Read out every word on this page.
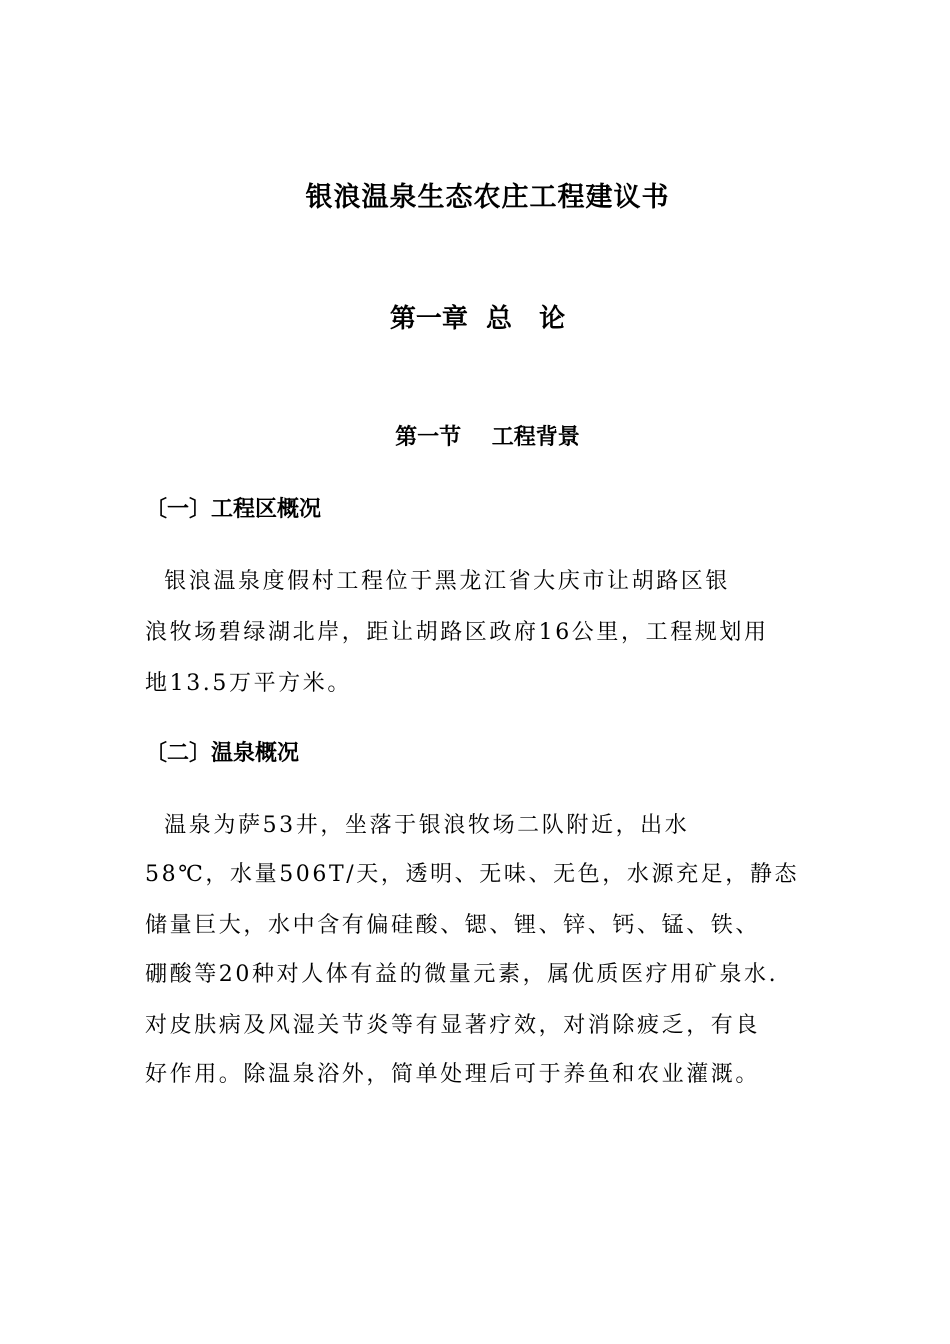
银浪温泉生态农庄工程建议书
第一章  总   论
第一节    工程背景
〔一〕工程区概况
银浪温泉度假村工程位于黑龙江省大庆市让胡路区银
浪牧场碧绿湖北岸，距让胡路区政府16公里，工程规划用
地13.5万平方米。
〔二〕温泉概况
温泉为萨53井，坐落于银浪牧场二队附近，出水
58℃，水量506T/天，透明、无味、无色，水源充足，静态
储量巨大，水中含有偏硅酸、锶、锂、锌、钙、锰、铁、
硼酸等20种对人体有益的微量元素，属优质医疗用矿泉水.
对皮肤病及风湿关节炎等有显著疗效，对消除疲乏，有良
好作用。除温泉浴外，简单处理后可于养鱼和农业灌溉。
